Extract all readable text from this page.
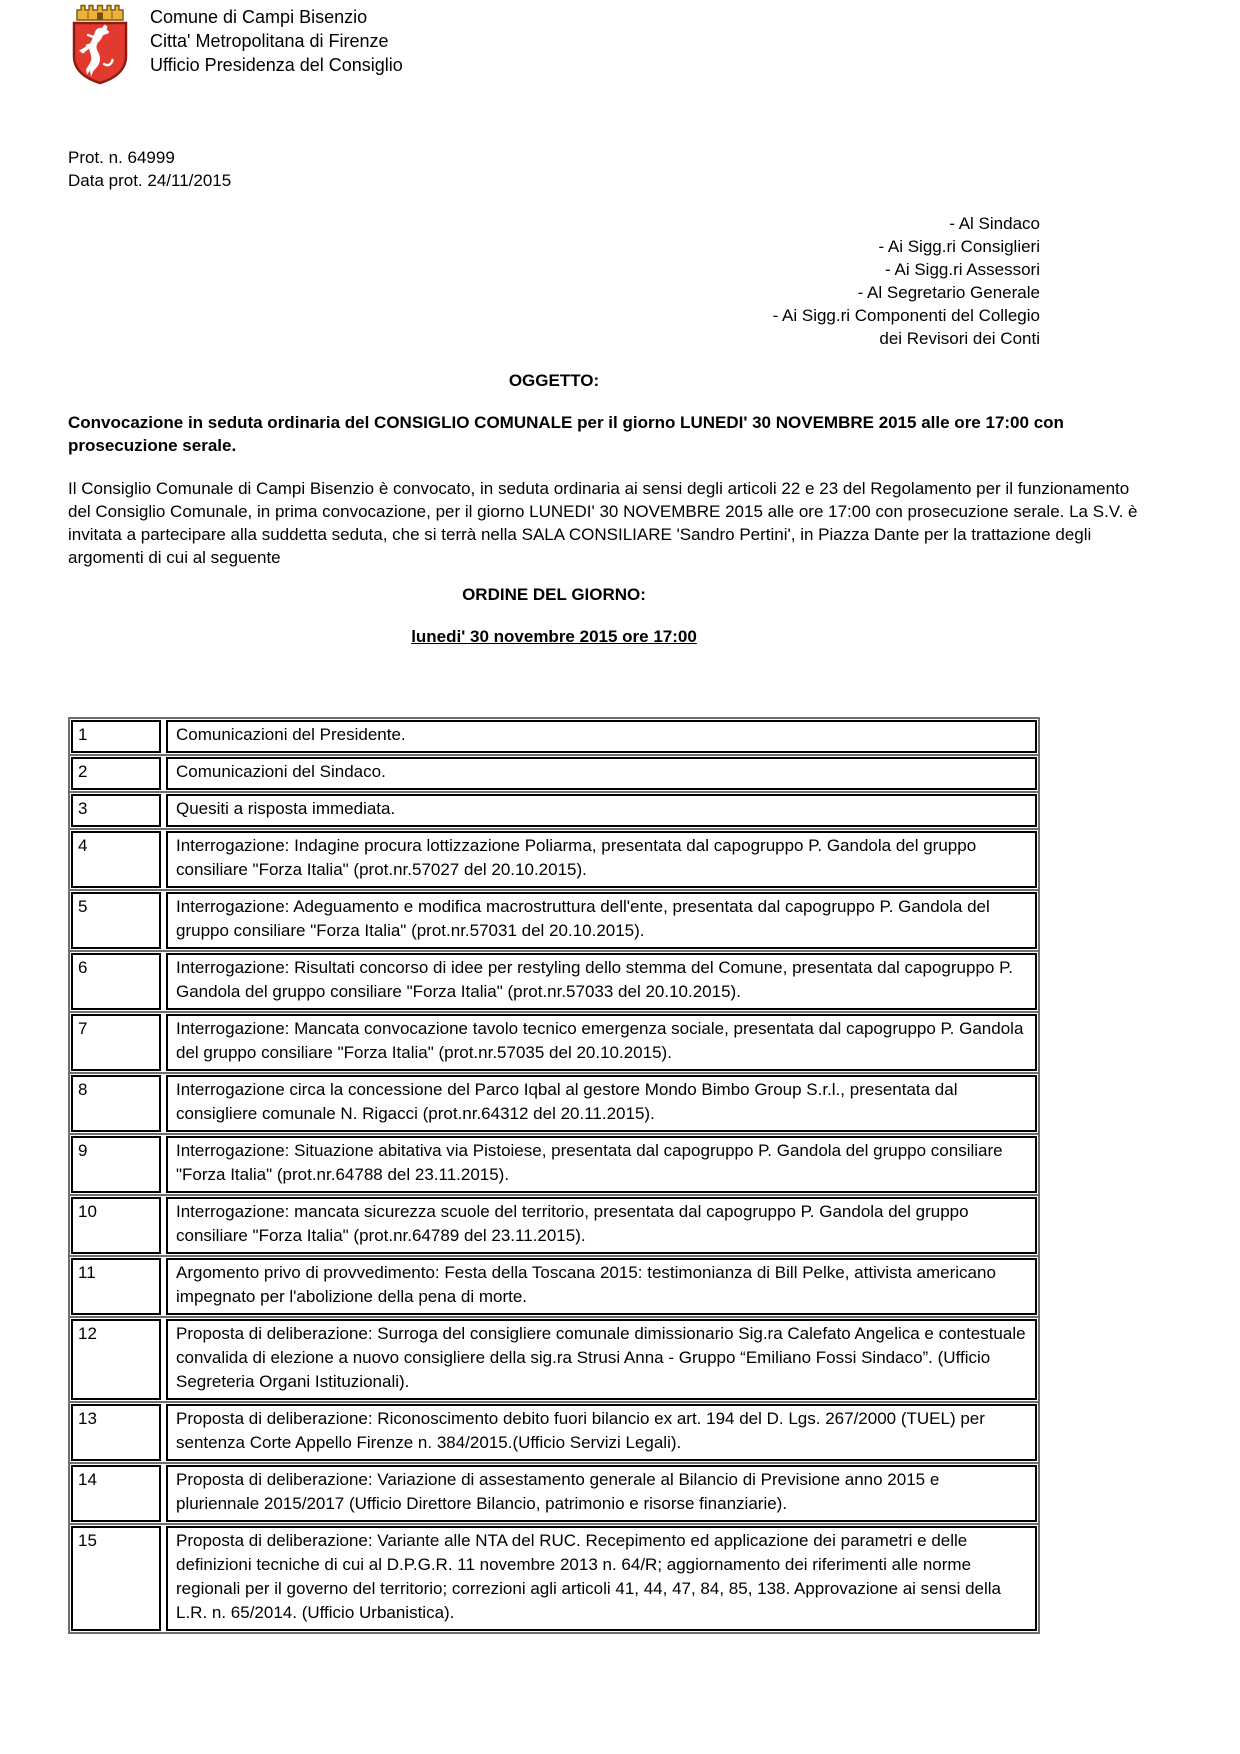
Comune di Campi Bisenzio
Citta' Metropolitana di Firenze
Ufficio Presidenza del Consiglio
Prot. n. 64999
Data prot. 24/11/2015
- Al Sindaco
- Ai Sigg.ri Consiglieri
- Ai Sigg.ri Assessori
- Al Segretario Generale
- Ai Sigg.ri Componenti del Collegio
dei Revisori dei Conti
OGGETTO:

Convocazione in seduta ordinaria del CONSIGLIO COMUNALE per il giorno LUNEDI' 30 NOVEMBRE 2015 alle ore 17:00 con prosecuzione serale.

Il Consiglio Comunale di Campi Bisenzio è convocato, in seduta ordinaria ai sensi degli articoli 22 e 23 del Regolamento per il funzionamento del Consiglio Comunale, in prima convocazione, per il giorno LUNEDI' 30 NOVEMBRE 2015 alle ore 17:00 con prosecuzione serale. La S.V. è invitata a partecipare alla suddetta seduta, che si terrà nella SALA CONSILIARE 'Sandro Pertini', in Piazza Dante per la trattazione degli argomenti di cui al seguente

ORDINE DEL GIORNO:
lunedi' 30 novembre 2015 ore 17:00
1	Comunicazioni del Presidente.
2	Comunicazioni del Sindaco.
3	Quesiti a risposta immediata.
4	Interrogazione: Indagine procura lottizzazione Poliarma, presentata dal capogruppo P. Gandola del gruppo consiliare "Forza Italia" (prot.nr.57027 del 20.10.2015).
5	Interrogazione: Adeguamento e modifica macrostruttura dell'ente, presentata dal capogruppo P. Gandola del gruppo consiliare "Forza Italia" (prot.nr.57031 del 20.10.2015).
6	Interrogazione: Risultati concorso di idee per restyling dello stemma del Comune, presentata dal capogruppo P. Gandola del gruppo consiliare "Forza Italia" (prot.nr.57033 del 20.10.2015).
7	Interrogazione: Mancata convocazione tavolo tecnico emergenza sociale, presentata dal capogruppo P. Gandola del gruppo consiliare "Forza Italia" (prot.nr.57035 del 20.10.2015).
8	Interrogazione circa la concessione del Parco Iqbal al gestore Mondo Bimbo Group S.r.l., presentata dal consigliere comunale N. Rigacci (prot.nr.64312 del 20.11.2015).
9	Interrogazione: Situazione abitativa via Pistoiese, presentata dal capogruppo P. Gandola del gruppo consiliare "Forza Italia" (prot.nr.64788 del 23.11.2015).
10	Interrogazione: mancata sicurezza scuole del territorio, presentata dal capogruppo P. Gandola del gruppo consiliare "Forza Italia" (prot.nr.64789 del 23.11.2015).
11	Argomento privo di provvedimento: Festa della Toscana 2015: testimonianza di Bill Pelke, attivista americano impegnato per l'abolizione della pena di morte.
12	Proposta di deliberazione: Surroga del consigliere comunale dimissionario Sig.ra Calefato Angelica e contestuale convalida di elezione a nuovo consigliere della sig.ra Strusi Anna - Gruppo “Emiliano Fossi Sindaco”. (Ufficio Segreteria Organi Istituzionali).
13	Proposta di deliberazione: Riconoscimento debito fuori bilancio ex art. 194 del D. Lgs. 267/2000 (TUEL) per sentenza Corte Appello Firenze n. 384/2015.(Ufficio Servizi Legali).
14	Proposta di deliberazione: Variazione di assestamento generale al Bilancio di Previsione anno 2015 e pluriennale 2015/2017 (Ufficio Direttore Bilancio, patrimonio e risorse finanziarie).
15	Proposta di deliberazione: Variante alle NTA del RUC. Recepimento ed applicazione dei parametri e delle definizioni tecniche di cui al D.P.G.R. 11 novembre 2013 n. 64/R; aggiornamento dei riferimenti alle norme regionali per il governo del territorio; correzioni agli articoli 41, 44, 47, 84, 85, 138. Approvazione ai sensi della L.R. n. 65/2014. (Ufficio Urbanistica).
